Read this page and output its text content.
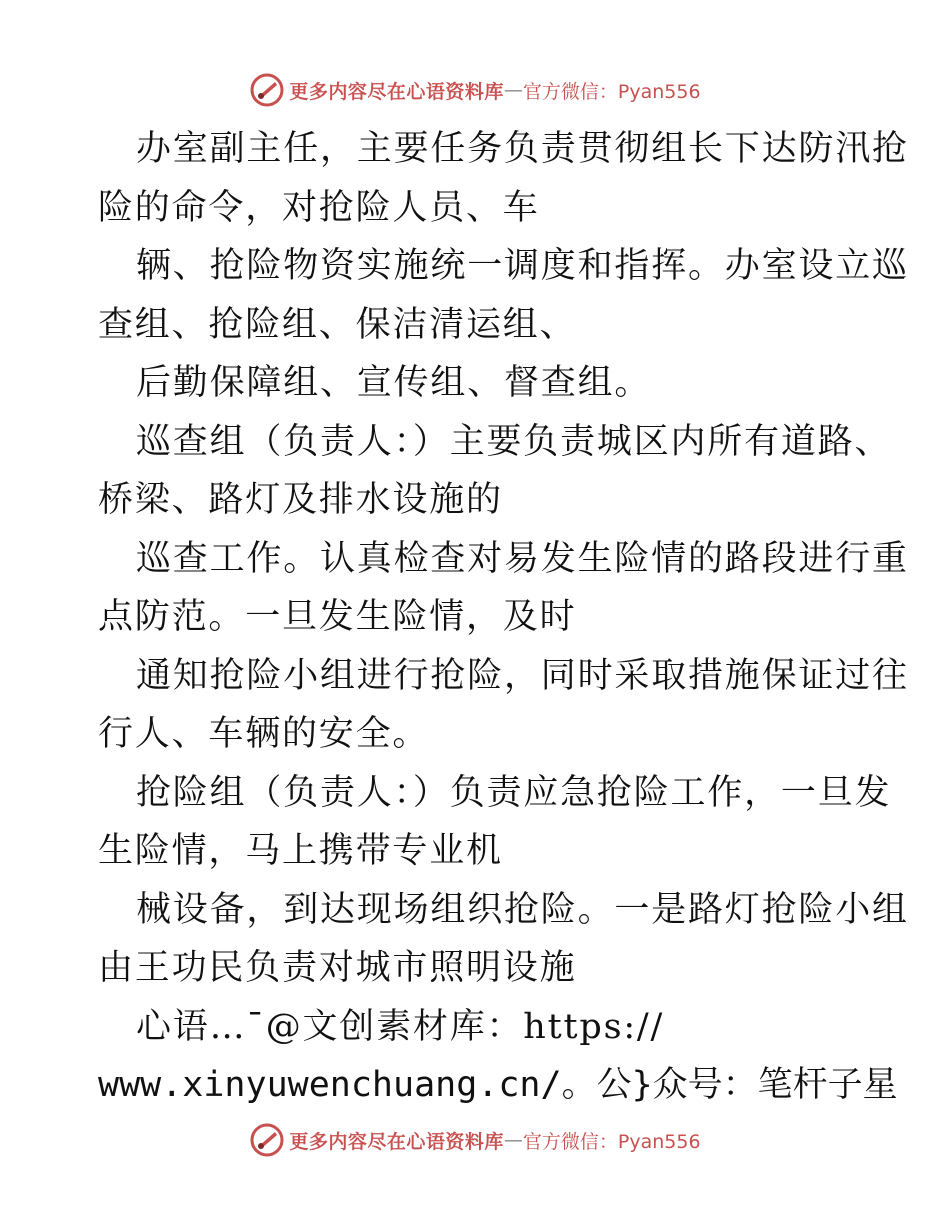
更多内容尽在心语资料库 — 官方微信：Pyan556
办室副主任，主要任务负责贯彻组长下达防汛抢
险的命令，对抢险人员、车
辆、抢险物资实施统一调度和指挥。办室设立巡
查组、抢险组、保洁清运组、
后勤保障组、宣传组、督查组。
巡查组（负责人：）主要负责城区内所有道路、
桥梁、路灯及排水设施的
巡查工作。认真检查对易发生险情的路段进行重
点防范。一旦发生险情，及时
通知抢险小组进行抢险，同时采取措施保证过往
行人、车辆的安全。
抢险组（负责人：）负责应急抢险工作，一旦发
生险情，马上携带专业机
械设备，到达现场组织抢险。一是路灯抢险小组
由王功民负责对城市照明设施
心语…¯@文创素材库：https://
www.xinyuwenchuang.cn/。公}众号：笔杆子星
更多内容尽在心语资料库 — 官方微信：Pyan556
